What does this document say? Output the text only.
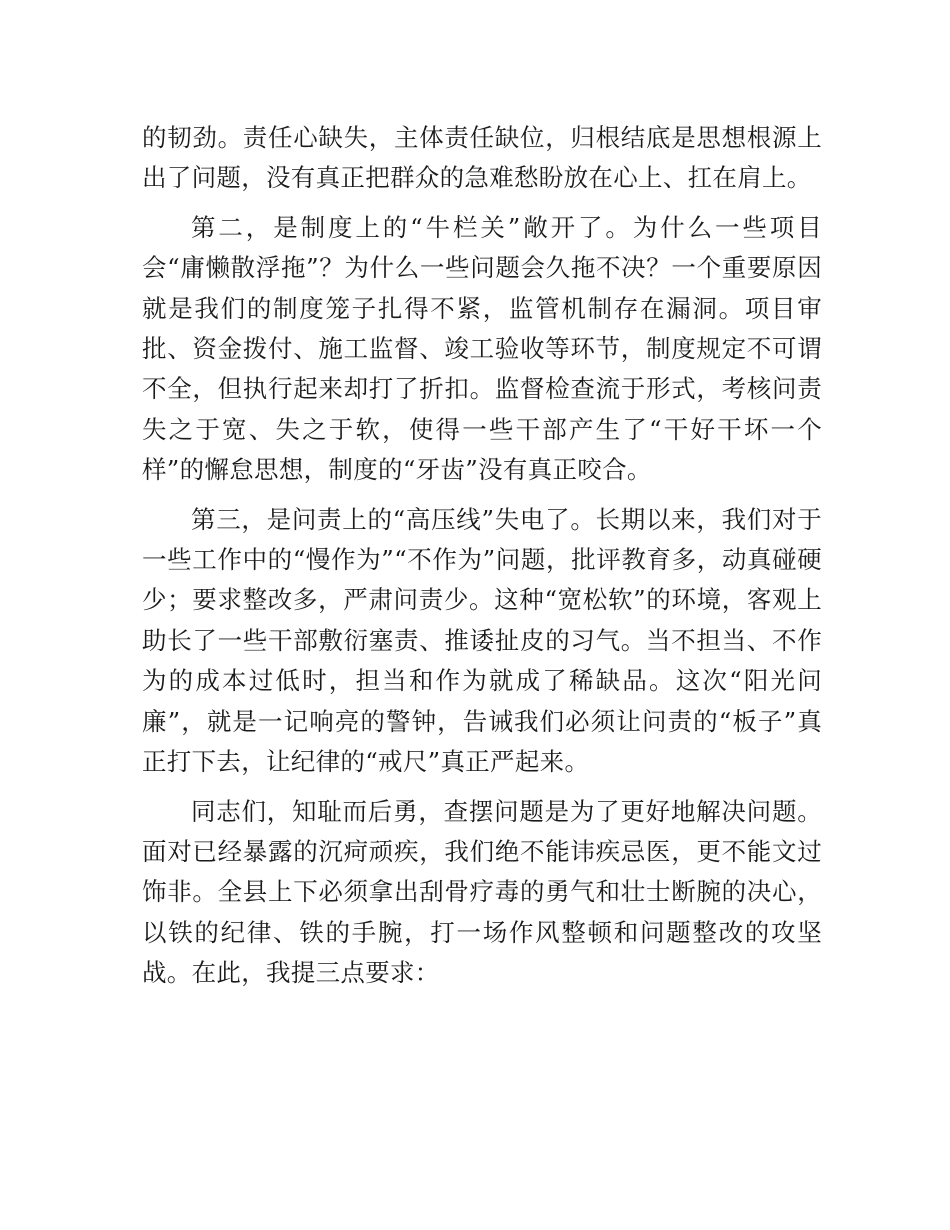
的韧劲。责任心缺失，主体责任缺位，归根结底是思想根源上出了问题，没有真正把群众的急难愁盼放在心上、扛在肩上。

第二，是制度上的“牛栏关”敞开了。为什么一些项目会“庸懒散浮拖”？为什么一些问题会久拖不决？一个重要原因就是我们的制度笼子扎得不紧，监管机制存在漏洞。项目审批、资金拨付、施工监督、竣工验收等环节，制度规定不可谓不全，但执行起来却打了折扣。监督检查流于形式，考核问责失之于宽、失之于软，使得一些干部产生了“干好干坏一个样”的懈怠思想，制度的“牙齿”没有真正咬合。

第三，是问责上的“高压线”失电了。长期以来，我们对于一些工作中的“慢作为”“不作为”问题，批评教育多，动真碰硬少；要求整改多，严肃问责少。这种“宽松软”的环境，客观上助长了一些干部敷衍塞责、推诿扯皮的习气。当不担当、不作为的成本过低时，担当和作为就成了稀缺品。这次“阳光问廉”，就是一记响亮的警钟，告诫我们必须让问责的“板子”真正打下去，让纪律的“戒尺”真正严起来。

同志们，知耻而后勇，查摆问题是为了更好地解决问题。面对已经暴露的沉疴顽疾，我们绝不能讳疾忌医，更不能文过饰非。全县上下必须拿出刮骨疗毒的勇气和壮士断腕的决心，以铁的纪律、铁的手腕，打一场作风整顿和问题整改的攻坚战。在此，我提三点要求：
